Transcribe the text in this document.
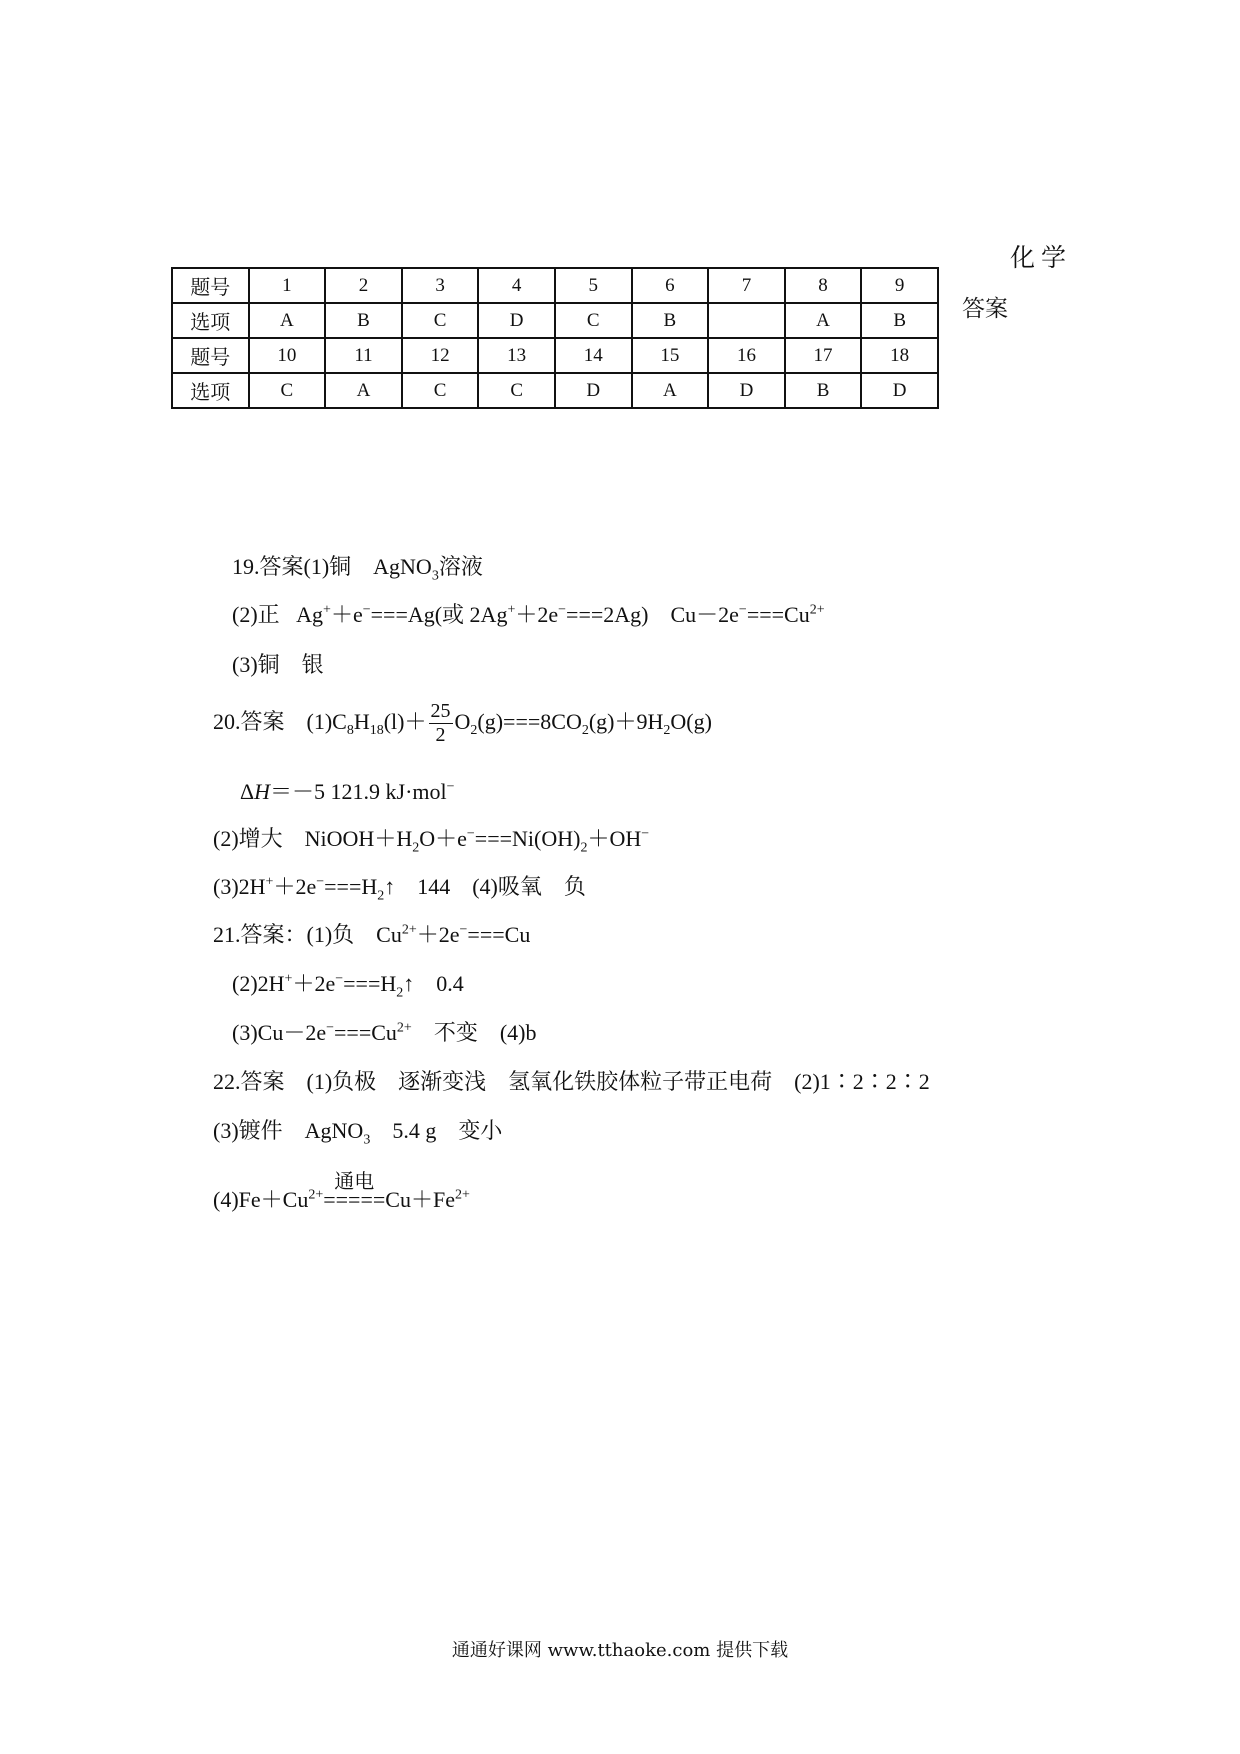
化学
答案
题号	1	2	3	4	5	6	7	8	9
选项	A	B	C	D	C	B		A	B
题号	10	11	12	13	14	15	16	17	18
选项	C	A	C	C	D	A	D	B	D
19.答案(1)铜 AgNO$_3$溶液
(2)正 Ag+＋e−===Ag(或 2Ag+＋2e−===2Ag) $Cu-2e^-===Cu^{2+}$
(3)铜　银
20.答案 $(1)C_8H_{18}(l)+ \frac{25}{2} O_2(g)===8CO_2(g)+9H_2O(g)$
ΔH＝－5 121.9 kJ·mol−
(2)增大 $NiOOH+H_2O+e^-===Ni(OH)_2+OH^-$
$(3)2H^++2e^-===H_2↑$　144　(4)吸氧　负
21.答案：(1)负 $Cu^{2+}+2e^-===Cu$
$(2)2H^++2e^-===H_2↑$　0.4
$(3)Cu-2e^-===Cu^{2+}$ 不变　(4)b
22.答案　(1)负极　逐渐变浅　氢氧化铁胶体粒子带正电荷　(2)1∶2∶2∶2
(3)镀件　AgNO$_3$ 5.4 g　变小
$(4)Fe+Cu^{2+}$
通电
$=====Cu+Fe^{2+}$
通通好课网 www.tthaoke.com 提供下载
